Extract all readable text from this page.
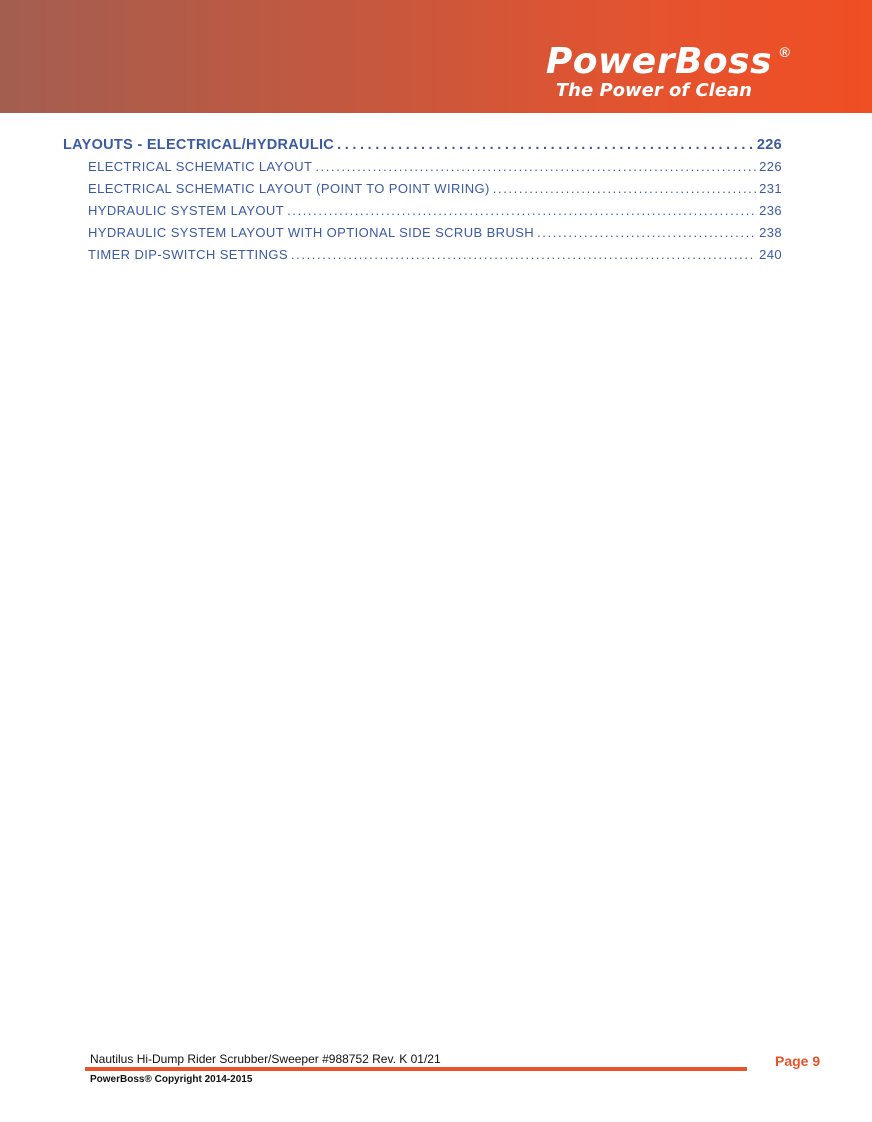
PowerBoss ®
The Power of Clean
LAYOUTS - ELECTRICAL/HYDRAULIC .....	226
ELECTRICAL SCHEMATIC LAYOUT .....	226
ELECTRICAL SCHEMATIC LAYOUT (POINT TO POINT WIRING) .....	231
HYDRAULIC SYSTEM LAYOUT .....	236
HYDRAULIC SYSTEM LAYOUT WITH OPTIONAL SIDE SCRUB BRUSH .....	238
TIMER DIP-SWITCH SETTINGS .....	240
Nautilus Hi-Dump Rider Scrubber/Sweeper #988752 Rev. K 01/21
PowerBoss® Copyright 2014-2015
Page 9
